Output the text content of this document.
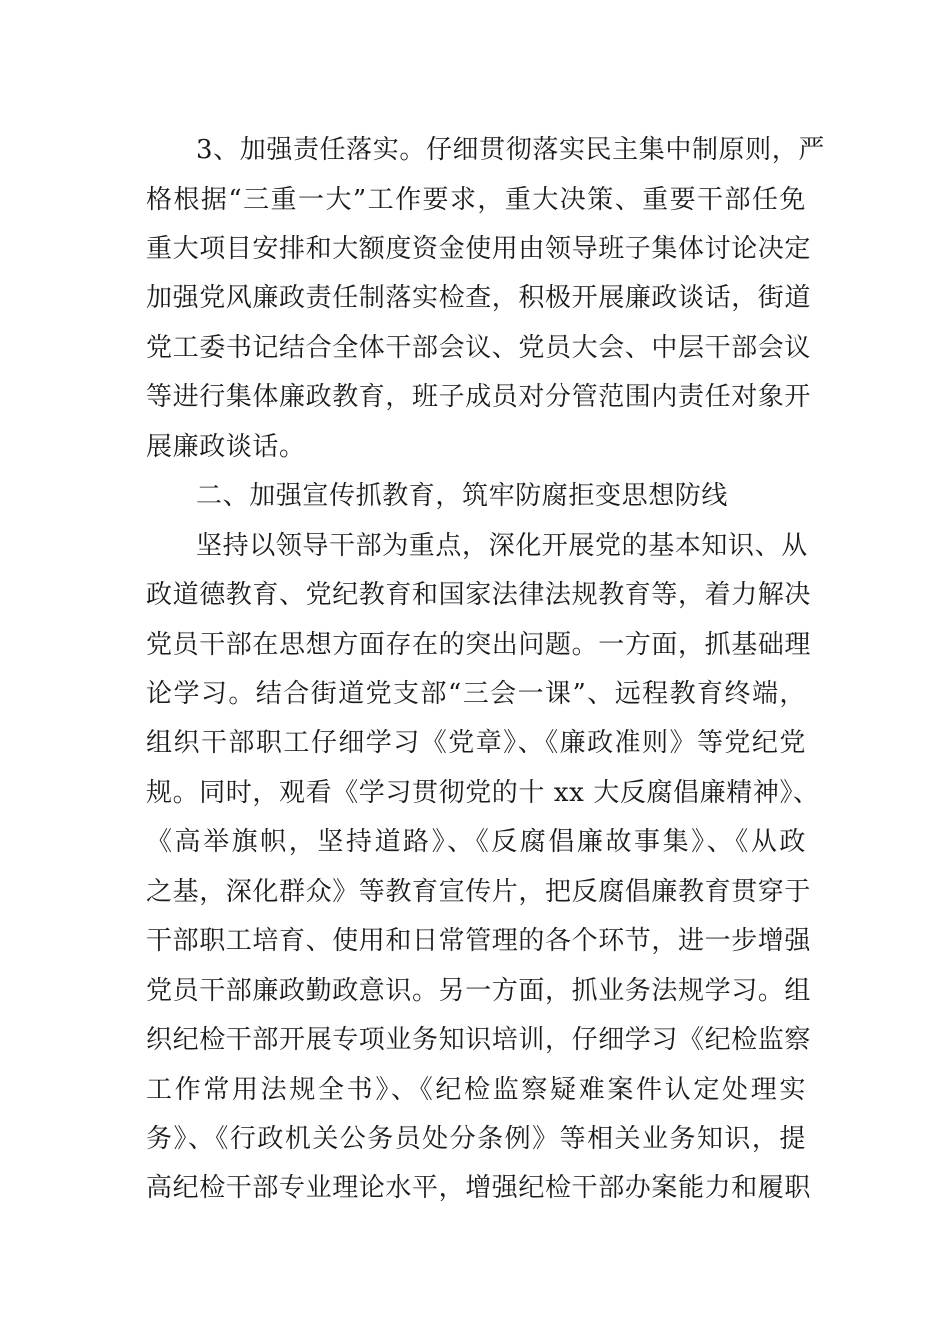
3、加强责任落实。仔细贯彻落实民主集中制原则，严
格根据“三重一大”工作要求，重大决策、重要干部任免
重大项目安排和大额度资金使用由领导班子集体讨论决定
加强党风廉政责任制落实检查，积极开展廉政谈话，街道
党工委书记结合全体干部会议、党员大会、中层干部会议
等进行集体廉政教育，班子成员对分管范围内责任对象开
展廉政谈话。
二、加强宣传抓教育，筑牢防腐拒变思想防线
坚持以领导干部为重点，深化开展党的基本知识、从
政道德教育、党纪教育和国家法律法规教育等，着力解决
党员干部在思想方面存在的突出问题。一方面，抓基础理
论学习。结合街道党支部“三会一课”、远程教育终端，
组织干部职工仔细学习《党章》、《廉政准则》等党纪党
规。同时，观看《学习贯彻党的十 xx 大反腐倡廉精神》、
《高举旗帜，坚持道路》、《反腐倡廉故事集》、《从政
之基，深化群众》等教育宣传片，把反腐倡廉教育贯穿于
干部职工培育、使用和日常管理的各个环节，进一步增强
党员干部廉政勤政意识。另一方面，抓业务法规学习。组
织纪检干部开展专项业务知识培训，仔细学习《纪检监察
工作常用法规全书》、《纪检监察疑难案件认定处理实
务》、《行政机关公务员处分条例》等相关业务知识，提
高纪检干部专业理论水平，增强纪检干部办案能力和履职
